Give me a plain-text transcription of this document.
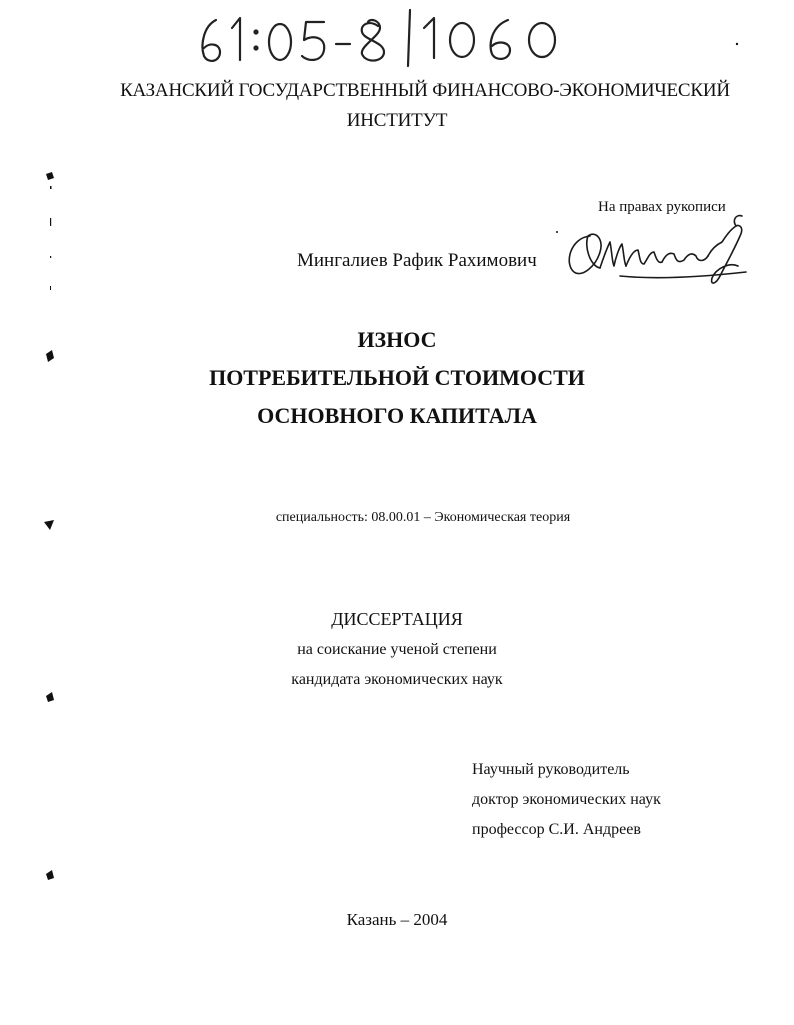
КАЗАНСКИЙ ГОСУДАРСТВЕННЫЙ ФИНАНСОВО-ЭКОНОМИЧЕСКИЙ
ИНСТИТУТ
На правах рукописи
Мингалиев Рафик Рахимович
ИЗНОС
ПОТРЕБИТЕЛЬНОЙ СТОИМОСТИ
ОСНОВНОГО КАПИТАЛА
специальность: 08.00.01 – Экономическая теория
ДИССЕРТАЦИЯ
на соискание ученой степени
кандидата экономических наук
Научный руководитель
доктор экономических наук
профессор С.И. Андреев
Казань – 2004
